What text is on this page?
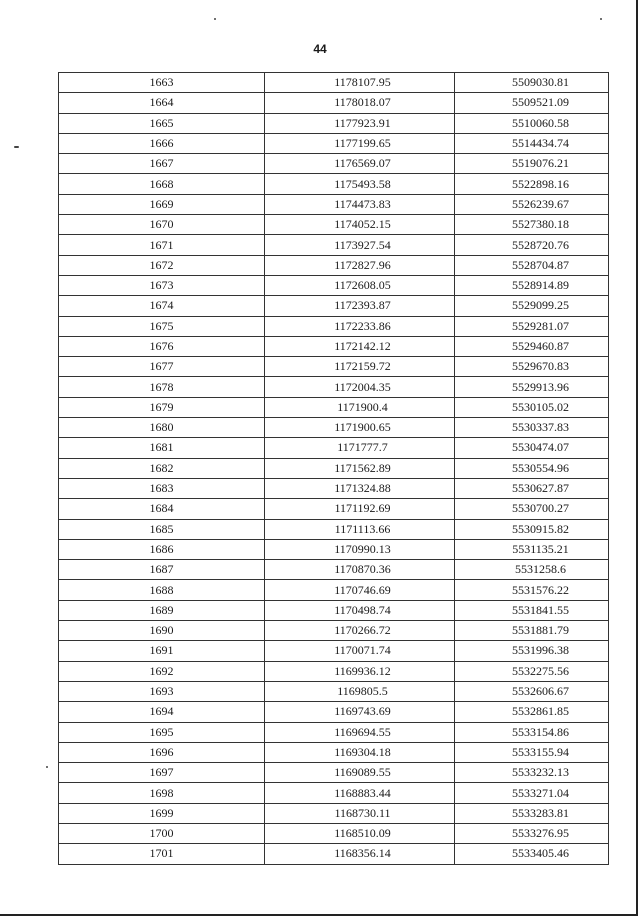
44
1663	1178107.95	5509030.81
1664	1178018.07	5509521.09
1665	1177923.91	5510060.58
1666	1177199.65	5514434.74
1667	1176569.07	5519076.21
1668	1175493.58	5522898.16
1669	1174473.83	5526239.67
1670	1174052.15	5527380.18
1671	1173927.54	5528720.76
1672	1172827.96	5528704.87
1673	1172608.05	5528914.89
1674	1172393.87	5529099.25
1675	1172233.86	5529281.07
1676	1172142.12	5529460.87
1677	1172159.72	5529670.83
1678	1172004.35	5529913.96
1679	1171900.4	5530105.02
1680	1171900.65	5530337.83
1681	1171777.7	5530474.07
1682	1171562.89	5530554.96
1683	1171324.88	5530627.87
1684	1171192.69	5530700.27
1685	1171113.66	5530915.82
1686	1170990.13	5531135.21
1687	1170870.36	5531258.6
1688	1170746.69	5531576.22
1689	1170498.74	5531841.55
1690	1170266.72	5531881.79
1691	1170071.74	5531996.38
1692	1169936.12	5532275.56
1693	1169805.5	5532606.67
1694	1169743.69	5532861.85
1695	1169694.55	5533154.86
1696	1169304.18	5533155.94
1697	1169089.55	5533232.13
1698	1168883.44	5533271.04
1699	1168730.11	5533283.81
1700	1168510.09	5533276.95
1701	1168356.14	5533405.46
